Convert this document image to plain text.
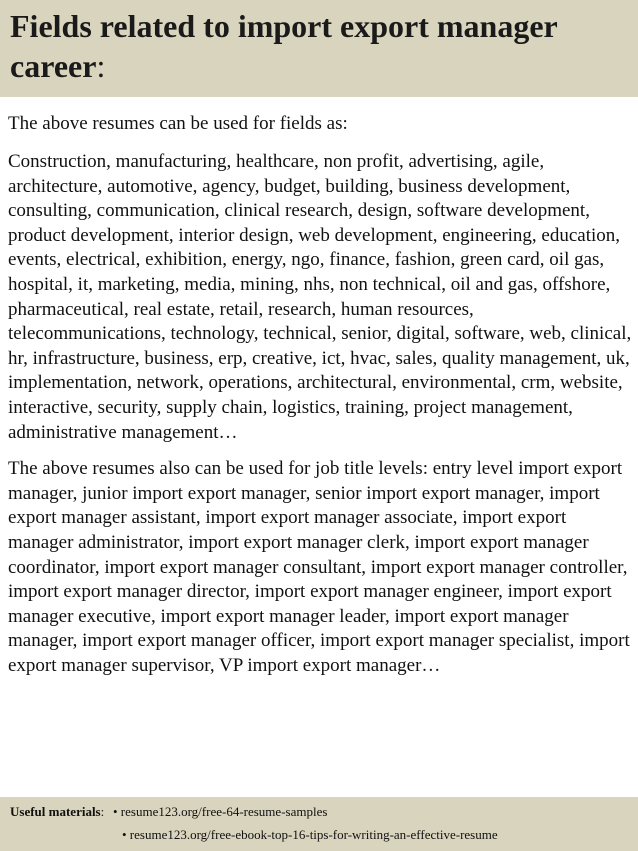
Fields related to import export manager career:

The above resumes can be used for fields as:

Construction, manufacturing, healthcare, non profit, advertising, agile, architecture, automotive, agency, budget, building, business development, consulting, communication, clinical research, design, software development, product development, interior design, web development, engineering, education, events, electrical, exhibition, energy, ngo, finance, fashion, green card, oil gas, hospital, it, marketing, media, mining, nhs, non technical, oil and gas, offshore, pharmaceutical, real estate, retail, research, human resources, telecommunications, technology, technical, senior, digital, software, web, clinical, hr, infrastructure, business, erp, creative, ict, hvac, sales, quality management, uk, implementation, network, operations, architectural, environmental, crm, website, interactive, security, supply chain, logistics, training, project management, administrative management…

The above resumes also can be used for job title levels: entry level import export manager, junior import export manager, senior import export manager, import export manager assistant, import export manager associate, import export manager administrator, import export manager clerk, import export manager coordinator, import export manager consultant, import export manager controller, import export manager director, import export manager engineer, import export manager executive, import export manager leader, import export manager manager, import export manager officer, import export manager specialist, import export manager supervisor, VP import export manager…

Useful materials: • resume123.org/free-64-resume-samples
• resume123.org/free-ebook-top-16-tips-for-writing-an-effective-resume
